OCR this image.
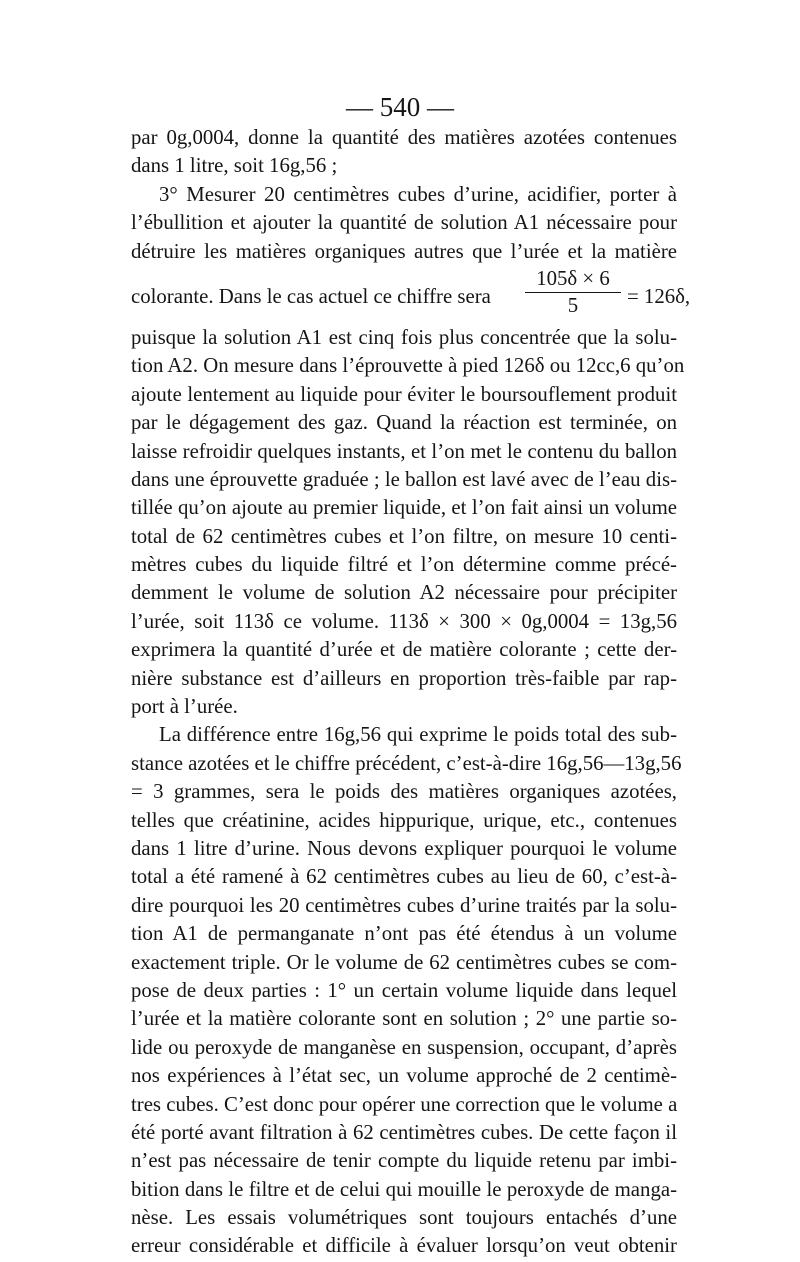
— 540 —
par 0g,0004, donne la quantité des matières azotées contenues
dans 1 litre, soit 16g,56 ;
3° Mesurer 20 centimètres cubes d’urine, acidifier, porter à
l’ébullition et ajouter la quantité de solution A1 nécessaire pour
détruire les matières organiques autres que l’urée et la matière
colorante. Dans le cas actuel ce chiffre sera $\frac{105\delta \times 6}{5} = 126\delta$,
puisque la solution A1 est cinq fois plus concentrée que la solu-
tion A2. On mesure dans l’éprouvette à pied 126δ ou 12cc,6 qu’on
ajoute lentement au liquide pour éviter le boursouflement produit
par le dégagement des gaz. Quand la réaction est terminée, on
laisse refroidir quelques instants, et l’on met le contenu du ballon
dans une éprouvette graduée ; le ballon est lavé avec de l’eau dis-
tillée qu’on ajoute au premier liquide, et l’on fait ainsi un volume
total de 62 centimètres cubes et l’on filtre, on mesure 10 centi-
mètres cubes du liquide filtré et l’on détermine comme précé-
demment le volume de solution A2 nécessaire pour précipiter
l’urée, soit 113δ ce volume. 113δ × 300 × 0g,0004 = 13g,56
exprimera la quantité d’urée et de matière colorante ; cette der-
nière substance est d’ailleurs en proportion très-faible par rap-
port à l’urée.
La différence entre 16g,56 qui exprime le poids total des sub-
stance azotées et le chiffre précédent, c’est-à-dire 16g,56—13g,56
= 3 grammes, sera le poids des matières organiques azotées,
telles que créatinine, acides hippurique, urique, etc., contenues
dans 1 litre d’urine. Nous devons expliquer pourquoi le volume
total a été ramené à 62 centimètres cubes au lieu de 60, c’est-à-
dire pourquoi les 20 centimètres cubes d’urine traités par la solu-
tion A1 de permanganate n’ont pas été étendus à un volume
exactement triple. Or le volume de 62 centimètres cubes se com-
pose de deux parties : 1° un certain volume liquide dans lequel
l’urée et la matière colorante sont en solution ; 2° une partie so-
lide ou peroxyde de manganèse en suspension, occupant, d’après
nos expériences à l’état sec, un volume approché de 2 centimè-
tres cubes. C’est donc pour opérer une correction que le volume a
été porté avant filtration à 62 centimètres cubes. De cette façon il
n’est pas nécessaire de tenir compte du liquide retenu par imbi-
bition dans le filtre et de celui qui mouille le peroxyde de manga-
nèse. Les essais volumétriques sont toujours entachés d’une
erreur considérable et difficile à évaluer lorsqu’on veut obtenir
